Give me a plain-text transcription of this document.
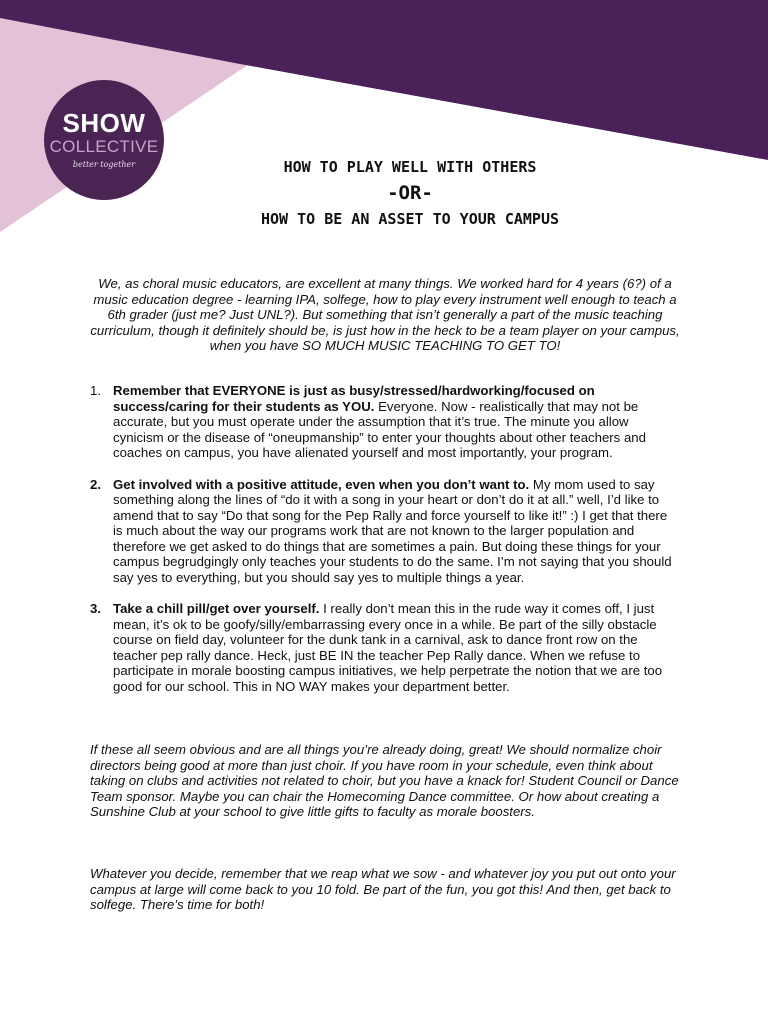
SHOW
COLLECTIVE
better together	HOW TO PLAY WELL WITH OTHERS
-OR-
HOW TO BE AN ASSET TO YOUR CAMPUS

We, as choral music educators, are excellent at many things. We worked hard for 4 years (6?) of a music education degree - learning IPA, solfege, how to play every instrument well enough to teach a 6th grader (just me? Just UNL?). But something that isn’t generally a part of the music teaching curriculum, though it definitely should be, is just how in the heck to be a team player on your campus, when you have SO MUCH MUSIC TEACHING TO GET TO!

1. Remember that EVERYONE is just as busy/stressed/hardworking/focused on success/caring for their students as YOU. Everyone. Now - realistically that may not be accurate, but you must operate under the assumption that it’s true. The minute you allow cynicism or the disease of “oneupmanship” to enter your thoughts about other teachers and coaches on campus, you have alienated yourself and most importantly, your program.
2. Get involved with a positive attitude, even when you don’t want to. My mom used to say something along the lines of “do it with a song in your heart or don’t do it at all.” well, I’d like to amend that to say “Do that song for the Pep Rally and force yourself to like it!” :) I get that there is much about the way our programs work that are not known to the larger population and therefore we get asked to do things that are sometimes a pain. But doing these things for your campus begrudgingly only teaches your students to do the same. I’m not saying that you should say yes to everything, but you should say yes to multiple things a year.
3. Take a chill pill/get over yourself. I really don’t mean this in the rude way it comes off, I just mean, it’s ok to be goofy/silly/embarrassing every once in a while. Be part of the silly obstacle course on field day, volunteer for the dunk tank in a carnival, ask to dance front row on the teacher pep rally dance. Heck, just BE IN the teacher Pep Rally dance. When we refuse to participate in morale boosting campus initiatives, we help perpetrate the notion that we are too good for our school. This in NO WAY makes your department better.

If these all seem obvious and are all things you’re already doing, great! We should normalize choir directors being good at more than just choir. If you have room in your schedule, even think about taking on clubs and activities not related to choir, but you have a knack for! Student Council or Dance Team sponsor. Maybe you can chair the Homecoming Dance committee. Or how about creating a Sunshine Club at your school to give little gifts to faculty as morale boosters.

Whatever you decide, remember that we reap what we sow - and whatever joy you put out onto your campus at large will come back to you 10 fold. Be part of the fun, you got this! And then, get back to solfege. There’s time for both!
